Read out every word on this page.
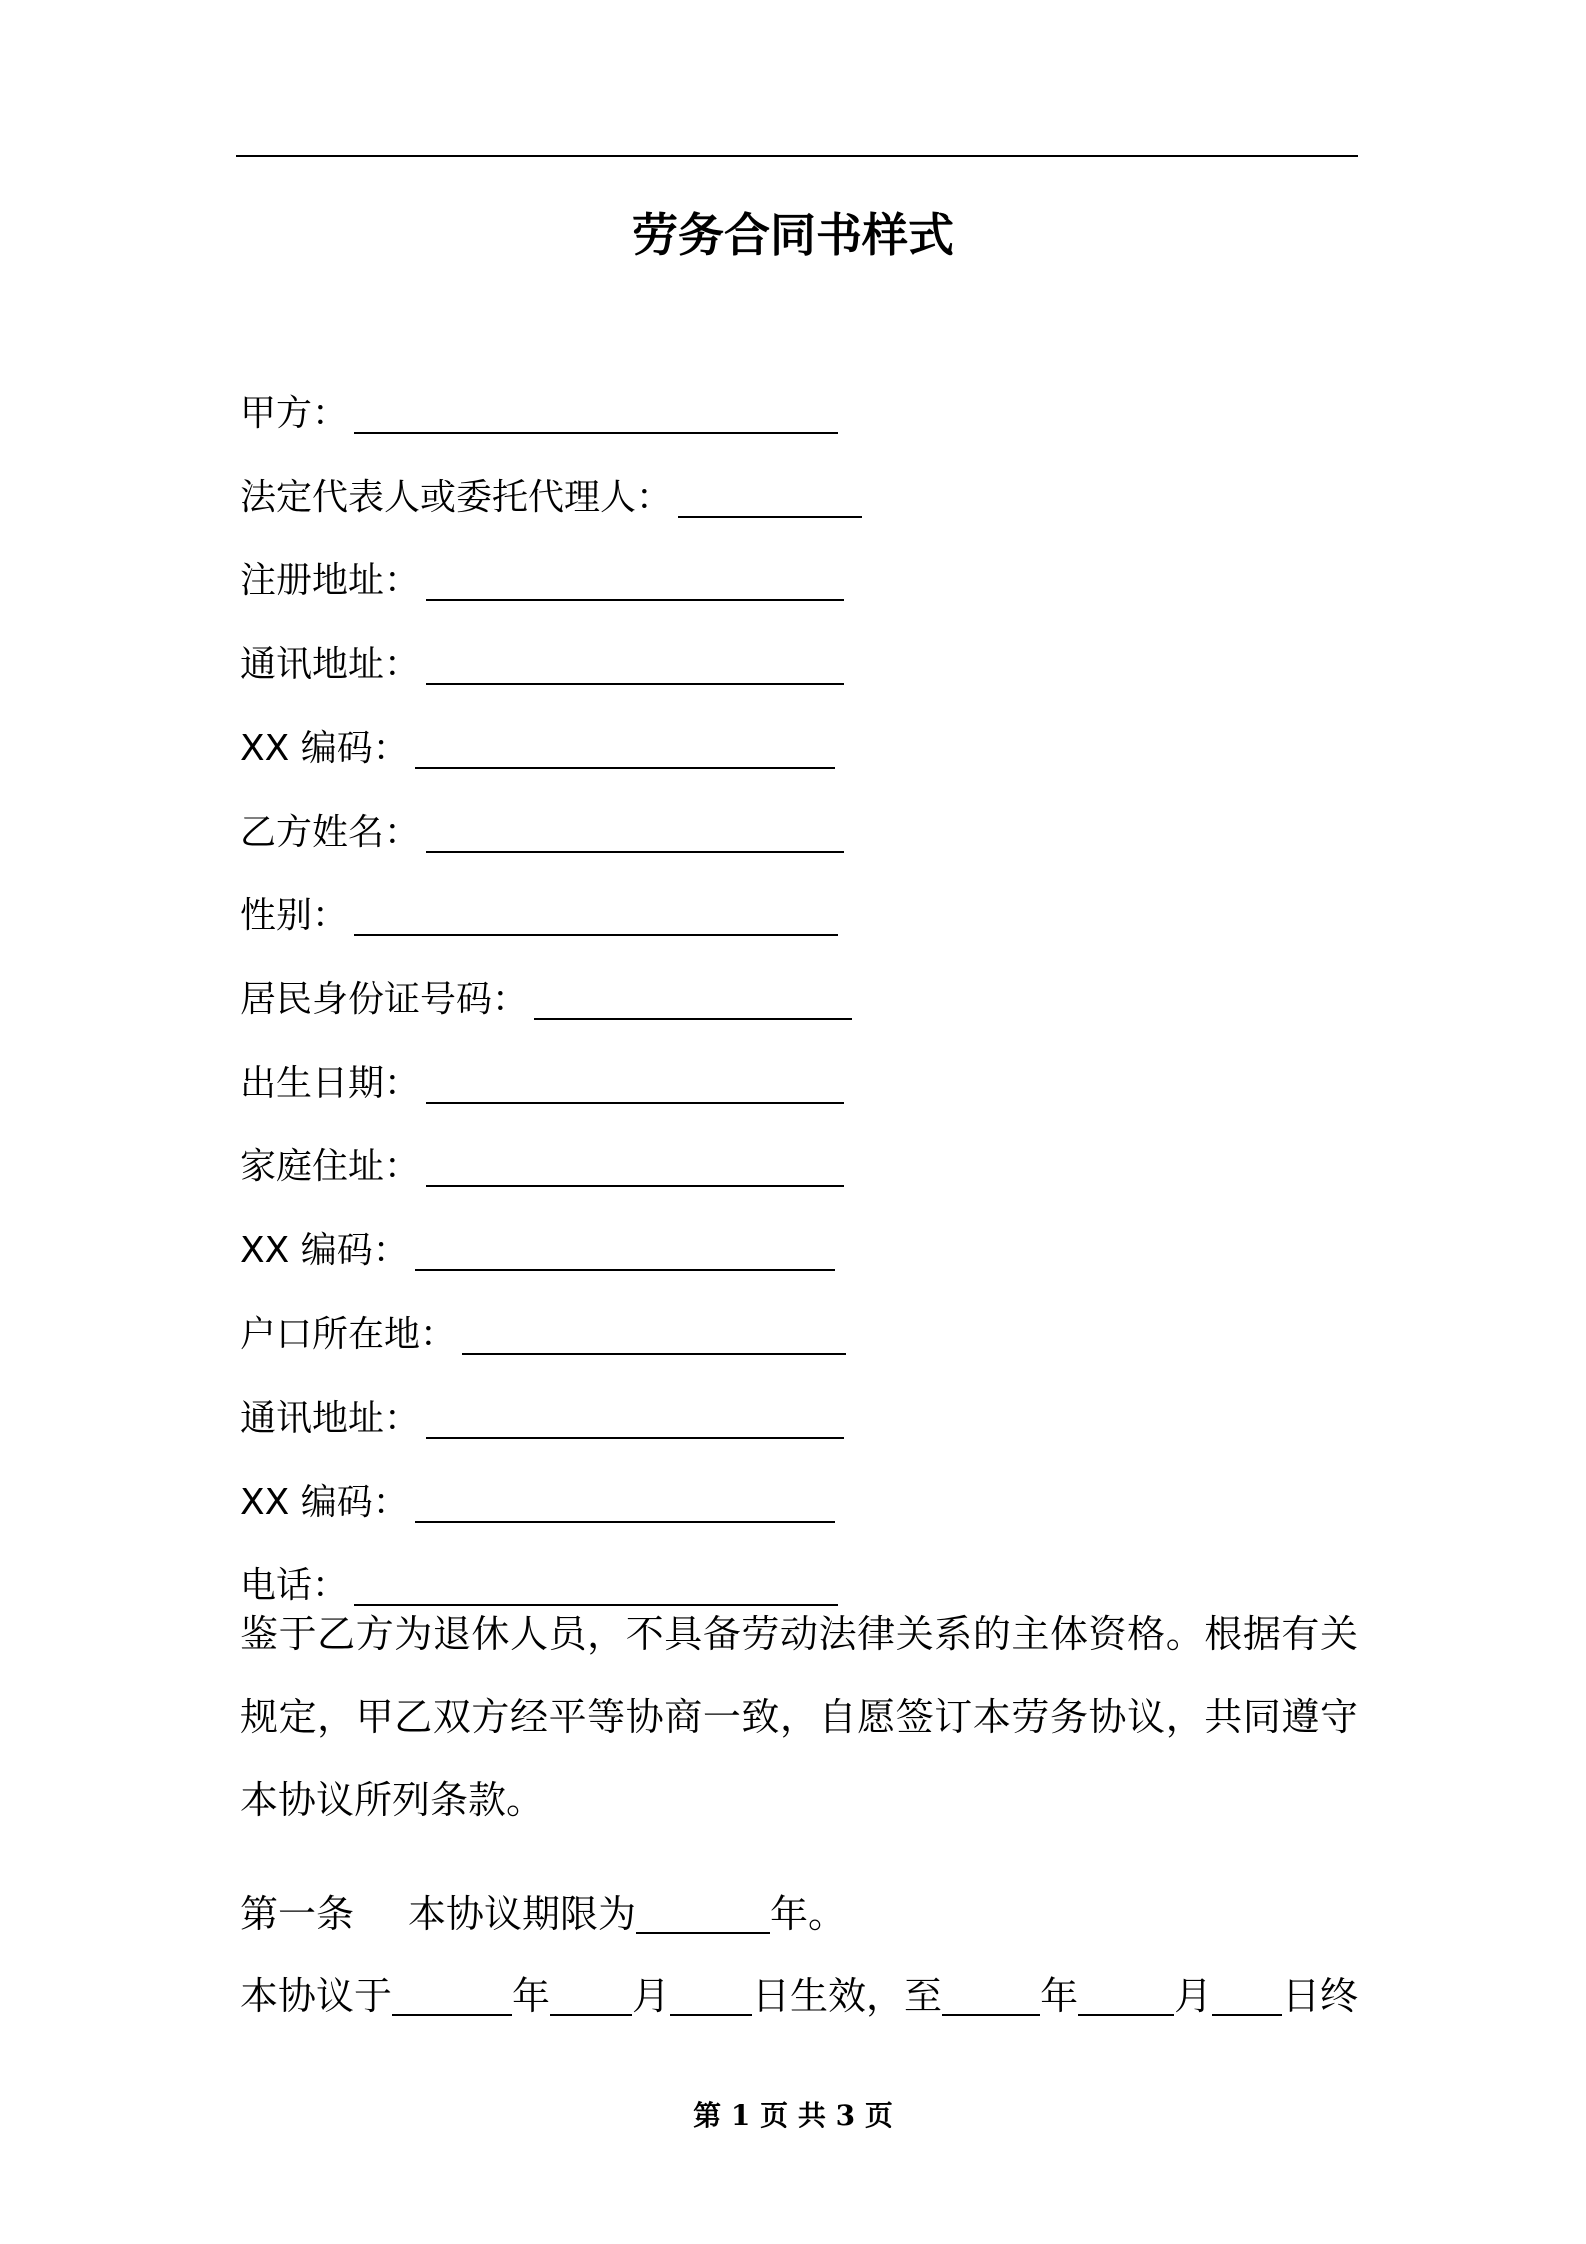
劳务合同书样式
甲方：
法定代表人或委托代理人：
注册地址：
通讯地址：
XX 编码：
乙方姓名：
性别：
居民身份证号码：
出生日期：
家庭住址：
XX 编码：
户口所在地：
通讯地址：
XX 编码：
电话：
鉴于乙方为退休人员，不具备劳动法律关系的主体资格。根据有关规定，甲乙双方经平等协商一致，自愿签订本劳务协议，共同遵守本协议所列条款。
第一条 本协议期限为	年。
本协议于	年 月 日生效，至	年	月 日终
第 1 页 共 3 页
